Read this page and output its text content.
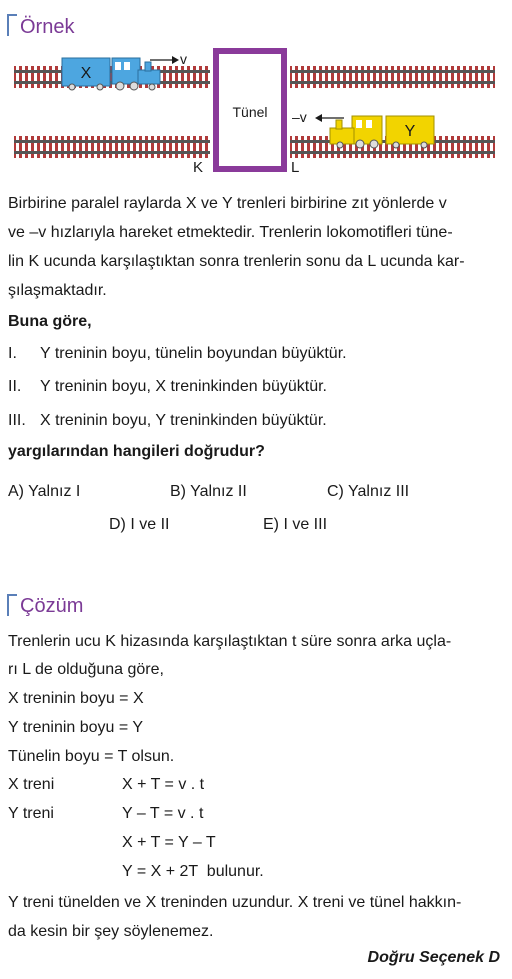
Örnek
Tünel
X
v
Y
–v
K	L
Birbirine paralel raylarda X ve Y trenleri birbirine zıt yönlerde v
ve –v hızlarıyla hareket etmektedir. Trenlerin lokomotifleri tüne-
lin K ucunda karşılaştıktan sonra trenlerin sonu da L ucunda kar-
şılaşmaktadır.
Buna göre,
I. Y treninin boyu, tünelin boyundan büyüktür.
II. Y treninin boyu, X treninkinden büyüktür.
III. X treninin boyu, Y treninkinden büyüktür.
yargılarından hangileri doğrudur?
A) Yalnız I	B) Yalnız II	C) Yalnız III
D) I ve II	E) I ve III
Çözüm
Trenlerin ucu K hizasında karşılaştıktan t süre sonra arka uçla-
rı L de olduğuna göre,
X treninin boyu = X
Y treninin boyu = Y
Tünelin boyu = T olsun.
X treni	X + T = v . t
Y treni	Y – T = v . t
X + T = Y – T
Y = X + 2T  bulunur.
Y treni tünelden ve X treninden uzundur. X treni ve tünel hakkın-
da kesin bir şey söylenemez.
Doğru Seçenek D
